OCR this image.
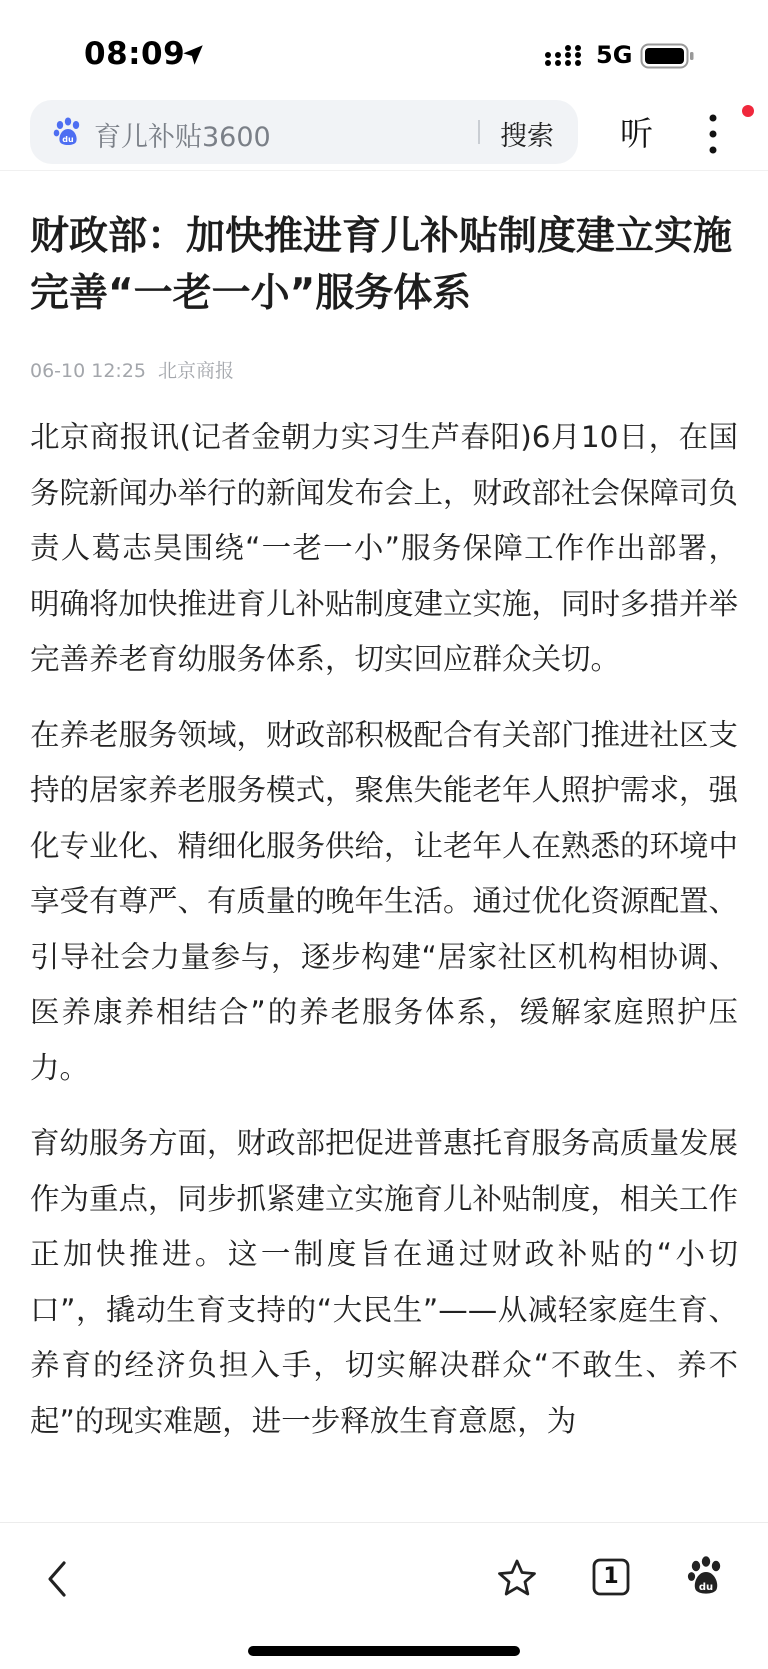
08:09	5G
du 育儿补贴3600	搜索 听
财政部：加快推进育儿补贴制度建立实施 完善“一老一小”服务体系
06-10 12:25 北京商报

北京商报讯(记者金朝力实习生芦春阳)6月10日，在国务院新闻办举行的新闻发布会上，财政部社会保障司负责人葛志昊围绕“一老一小”服务保障工作作出部署，明确将加快推进育儿补贴制度建立实施，同时多措并举完善养老育幼服务体系，切实回应群众关切。

在养老服务领域，财政部积极配合有关部门推进社区支持的居家养老服务模式，聚焦失能老年人照护需求，强化专业化、精细化服务供给，让老年人在熟悉的环境中享受有尊严、有质量的晚年生活。通过优化资源配置、引导社会力量参与，逐步构建“居家社区机构相协调、医养康养相结合”的养老服务体系，缓解家庭照护压力。

育幼服务方面，财政部把促进普惠托育服务高质量发展作为重点，同步抓紧建立实施育儿补贴制度，相关工作正加快推进。这一制度旨在通过财政补贴的“小切口”，撬动生育支持的“大民生”——从减轻家庭生育、养育的经济负担入手，切实解决群众“不敢生、养不起”的现实难题，进一步释放生育意愿，为

1	du
